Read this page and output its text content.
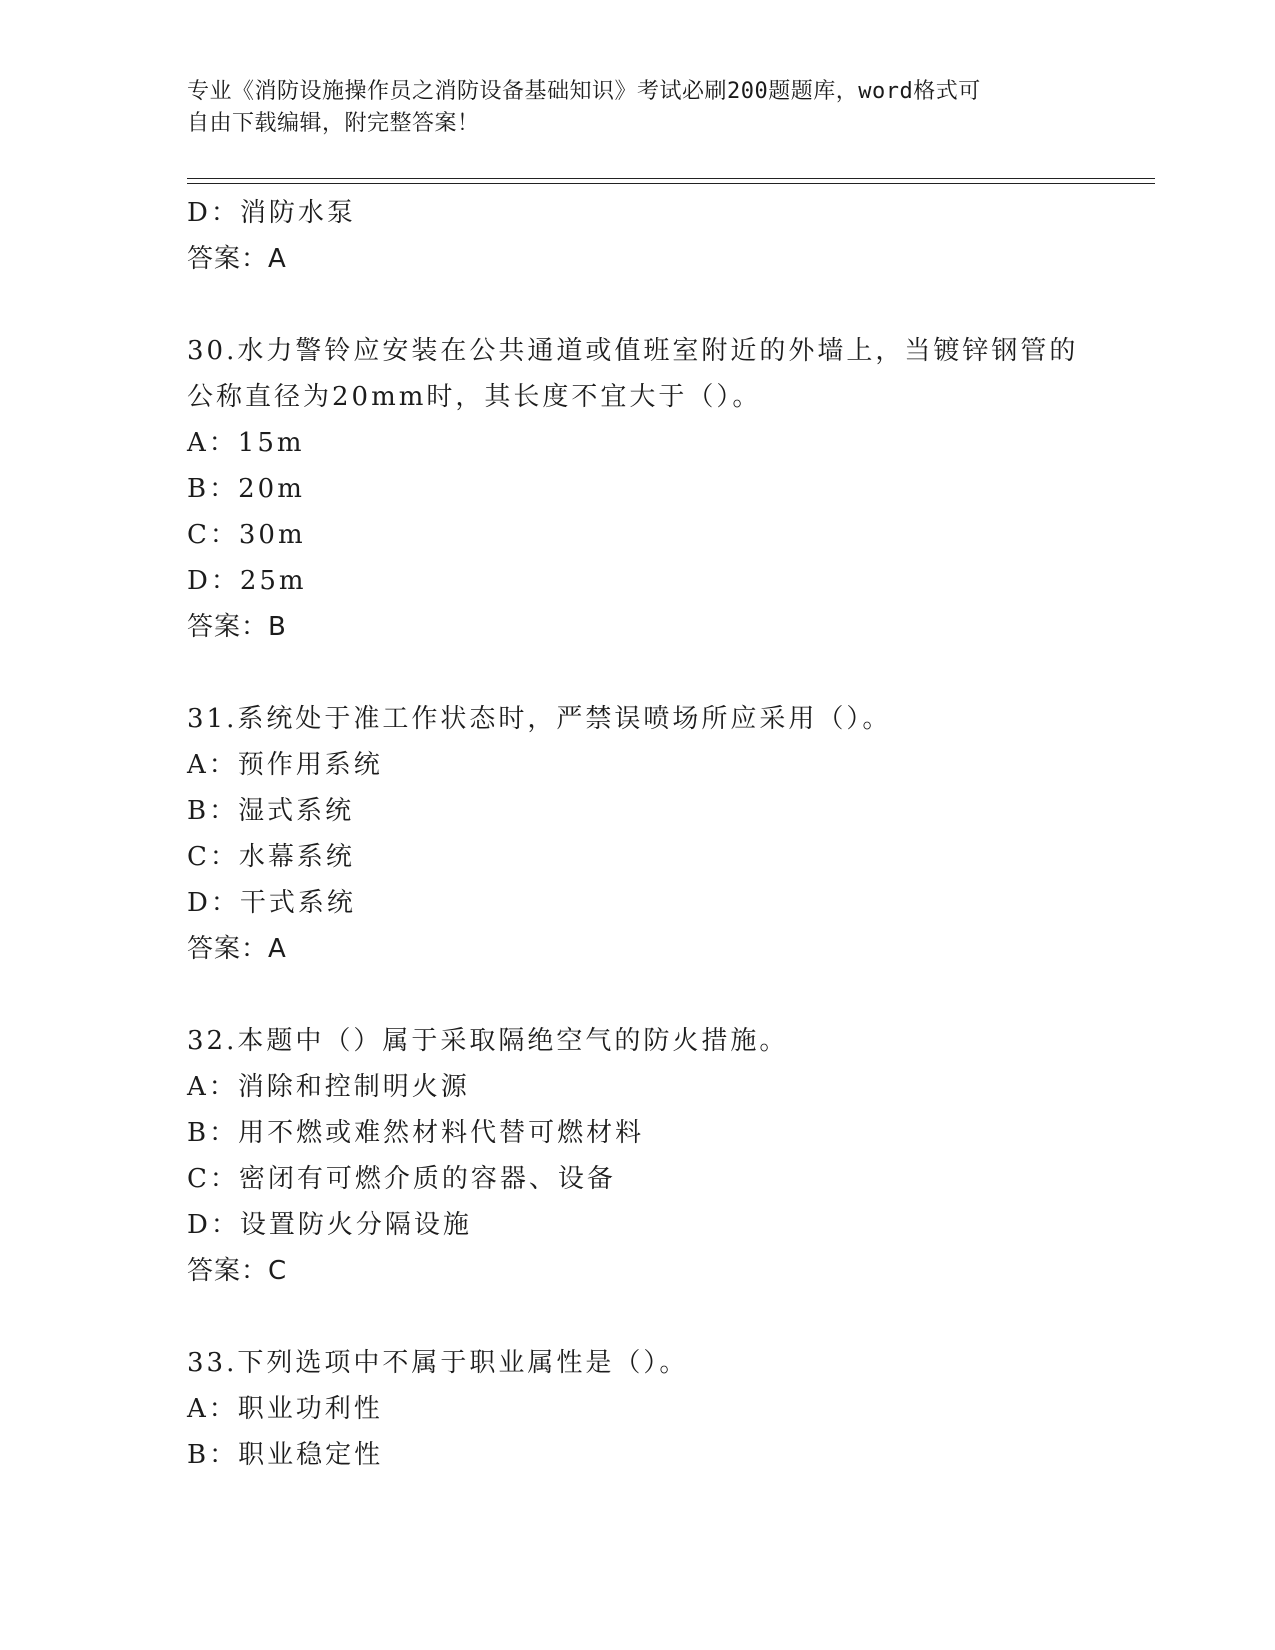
专业《消防设施操作员之消防设备基础知识》考试必刷200题题库，word格式可
自由下载编辑，附完整答案！
D：消防水泵
答案：A
30.水力警铃应安装在公共通道或值班室附近的外墙上，当镀锌钢管的
公称直径为20mm时，其长度不宜大于（）。
A：15m
B：20m
C：30m
D：25m
答案：B
31.系统处于准工作状态时，严禁误喷场所应采用（）。
A：预作用系统
B：湿式系统
C：水幕系统
D：干式系统
答案：A
32.本题中（）属于采取隔绝空气的防火措施。
A：消除和控制明火源
B：用不燃或难然材料代替可燃材料
C：密闭有可燃介质的容器、设备
D：设置防火分隔设施
答案：C
33.下列选项中不属于职业属性是（）。
A：职业功利性
B：职业稳定性
